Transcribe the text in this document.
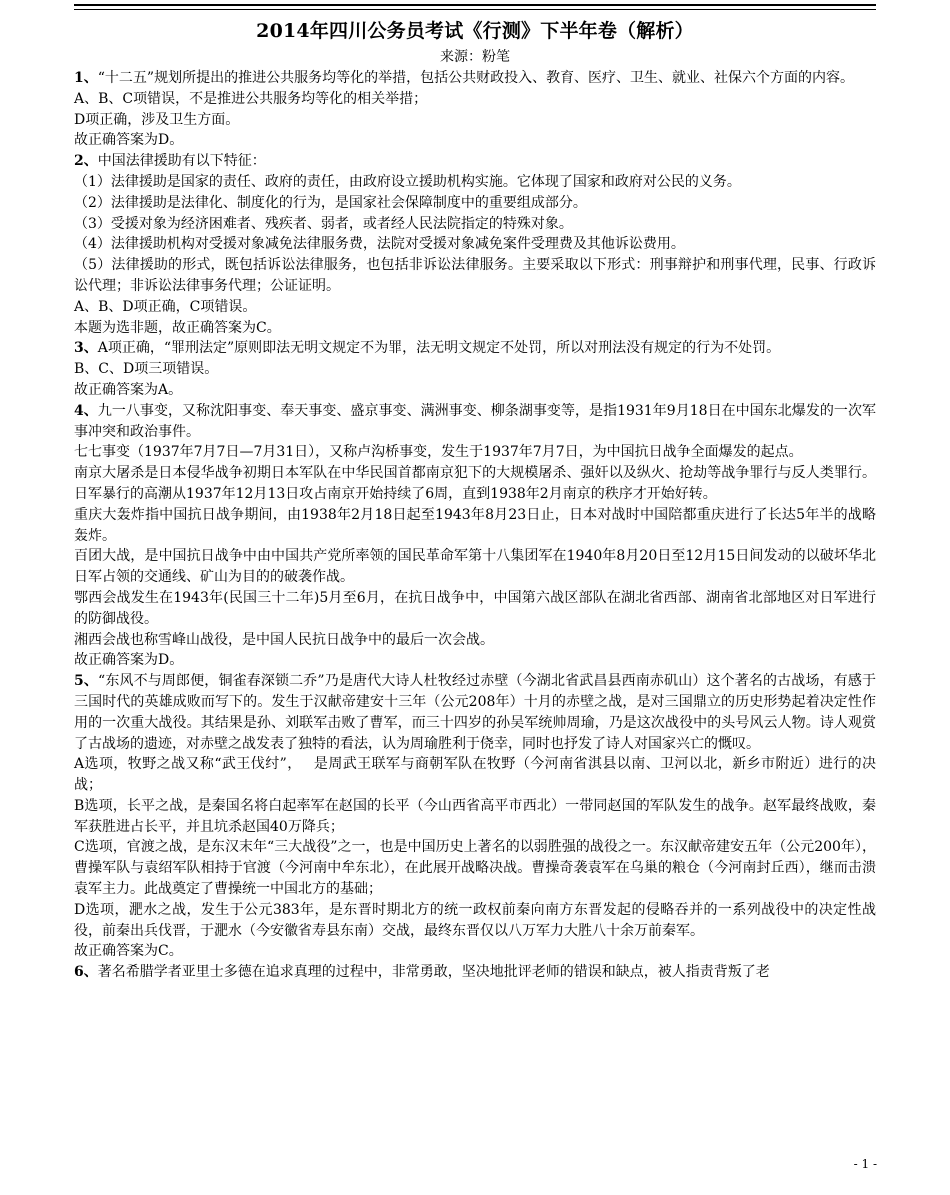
2014年四川公务员考试《行测》下半年卷（解析）
来源：粉笔

1、“十二五”规划所提出的推进公共服务均等化的举措，包括公共财政投入、教育、医疗、卫生、就业、社保六个方面的内容。

A、B、C项错误，不是推进公共服务均等化的相关举措；

D项正确，涉及卫生方面。

故正确答案为D。

2、中国法律援助有以下特征：

（1）法律援助是国家的责任、政府的责任，由政府设立援助机构实施。它体现了国家和政府对公民的义务。

（2）法律援助是法律化、制度化的行为，是国家社会保障制度中的重要组成部分。

（3）受援对象为经济困难者、残疾者、弱者，或者经人民法院指定的特殊对象。

（4）法律援助机构对受援对象减免法律服务费，法院对受援对象减免案件受理费及其他诉讼费用。

（5）法律援助的形式，既包括诉讼法律服务，也包括非诉讼法律服务。主要采取以下形式：刑事辩护和刑事代理，民事、行政诉讼代理；非诉讼法律事务代理；公证证明。

A、B、D项正确，C项错误。

本题为选非题，故正确答案为C。

3、A项正确，“罪刑法定”原则即法无明文规定不为罪，法无明文规定不处罚，所以对刑法没有规定的行为不处罚。

B、C、D项三项错误。

故正确答案为A。

4、九一八事变，又称沈阳事变、奉天事变、盛京事变、满洲事变、柳条湖事变等，是指1931年9月18日在中国东北爆发的一次军事冲突和政治事件。

七七事变（1937年7月7日—7月31日），又称卢沟桥事变，发生于1937年7月7日，为中国抗日战争全面爆发的起点。

南京大屠杀是日本侵华战争初期日本军队在中华民国首都南京犯下的大规模屠杀、强奸以及纵火、抢劫等战争罪行与反人类罪行。日军暴行的高潮从1937年12月13日攻占南京开始持续了6周，直到1938年2月南京的秩序才开始好转。

重庆大轰炸指中国抗日战争期间，由1938年2月18日起至1943年8月23日止，日本对战时中国陪都重庆进行了长达5年半的战略轰炸。

百团大战，是中国抗日战争中由中国共产党所率领的国民革命军第十八集团军在1940年8月20日至12月15日间发动的以破坏华北日军占领的交通线、矿山为目的的破袭作战。

鄂西会战发生在1943年(民国三十二年)5月至6月，在抗日战争中，中国第六战区部队在湖北省西部、湖南省北部地区对日军进行的防御战役。

湘西会战也称雪峰山战役，是中国人民抗日战争中的最后一次会战。

故正确答案为D。

5、“东风不与周郎便，铜雀春深锁二乔”乃是唐代大诗人杜牧经过赤壁（今湖北省武昌县西南赤矶山）这个著名的古战场，有感于三国时代的英雄成败而写下的。发生于汉献帝建安十三年（公元208年）十月的赤壁之战，是对三国鼎立的历史形势起着决定性作用的一次重大战役。其结果是孙、刘联军击败了曹军，而三十四岁的孙吴军统帅周瑜，乃是这次战役中的头号风云人物。诗人观赏了古战场的遗迹，对赤壁之战发表了独特的看法，认为周瑜胜利于侥幸，同时也抒发了诗人对国家兴亡的慨叹。

A选项，牧野之战又称“武王伐纣”，　 是周武王联军与商朝军队在牧野（今河南省淇县以南、卫河以北，新乡市附近）进行的决战；

B选项，长平之战，是秦国名将白起率军在赵国的长平（今山西省高平市西北）一带同赵国的军队发生的战争。赵军最终战败，秦军获胜进占长平，并且坑杀赵国40万降兵；

C选项，官渡之战，是东汉末年“三大战役”之一，也是中国历史上著名的以弱胜强的战役之一。东汉献帝建安五年（公元200年），曹操军队与袁绍军队相持于官渡（今河南中牟东北），在此展开战略决战。曹操奇袭袁军在乌巢的粮仓（今河南封丘西），继而击溃袁军主力。此战奠定了曹操统一中国北方的基础；

D选项，淝水之战，发生于公元383年，是东晋时期北方的统一政权前秦向南方东晋发起的侵略吞并的一系列战役中的决定性战役，前秦出兵伐晋，于淝水（今安徽省寿县东南）交战，最终东晋仅以八万军力大胜八十余万前秦军。

故正确答案为C。

6、著名希腊学者亚里士多德在追求真理的过程中，非常勇敢，坚决地批评老师的错误和缺点，被人指责背叛了老

- 1 -
